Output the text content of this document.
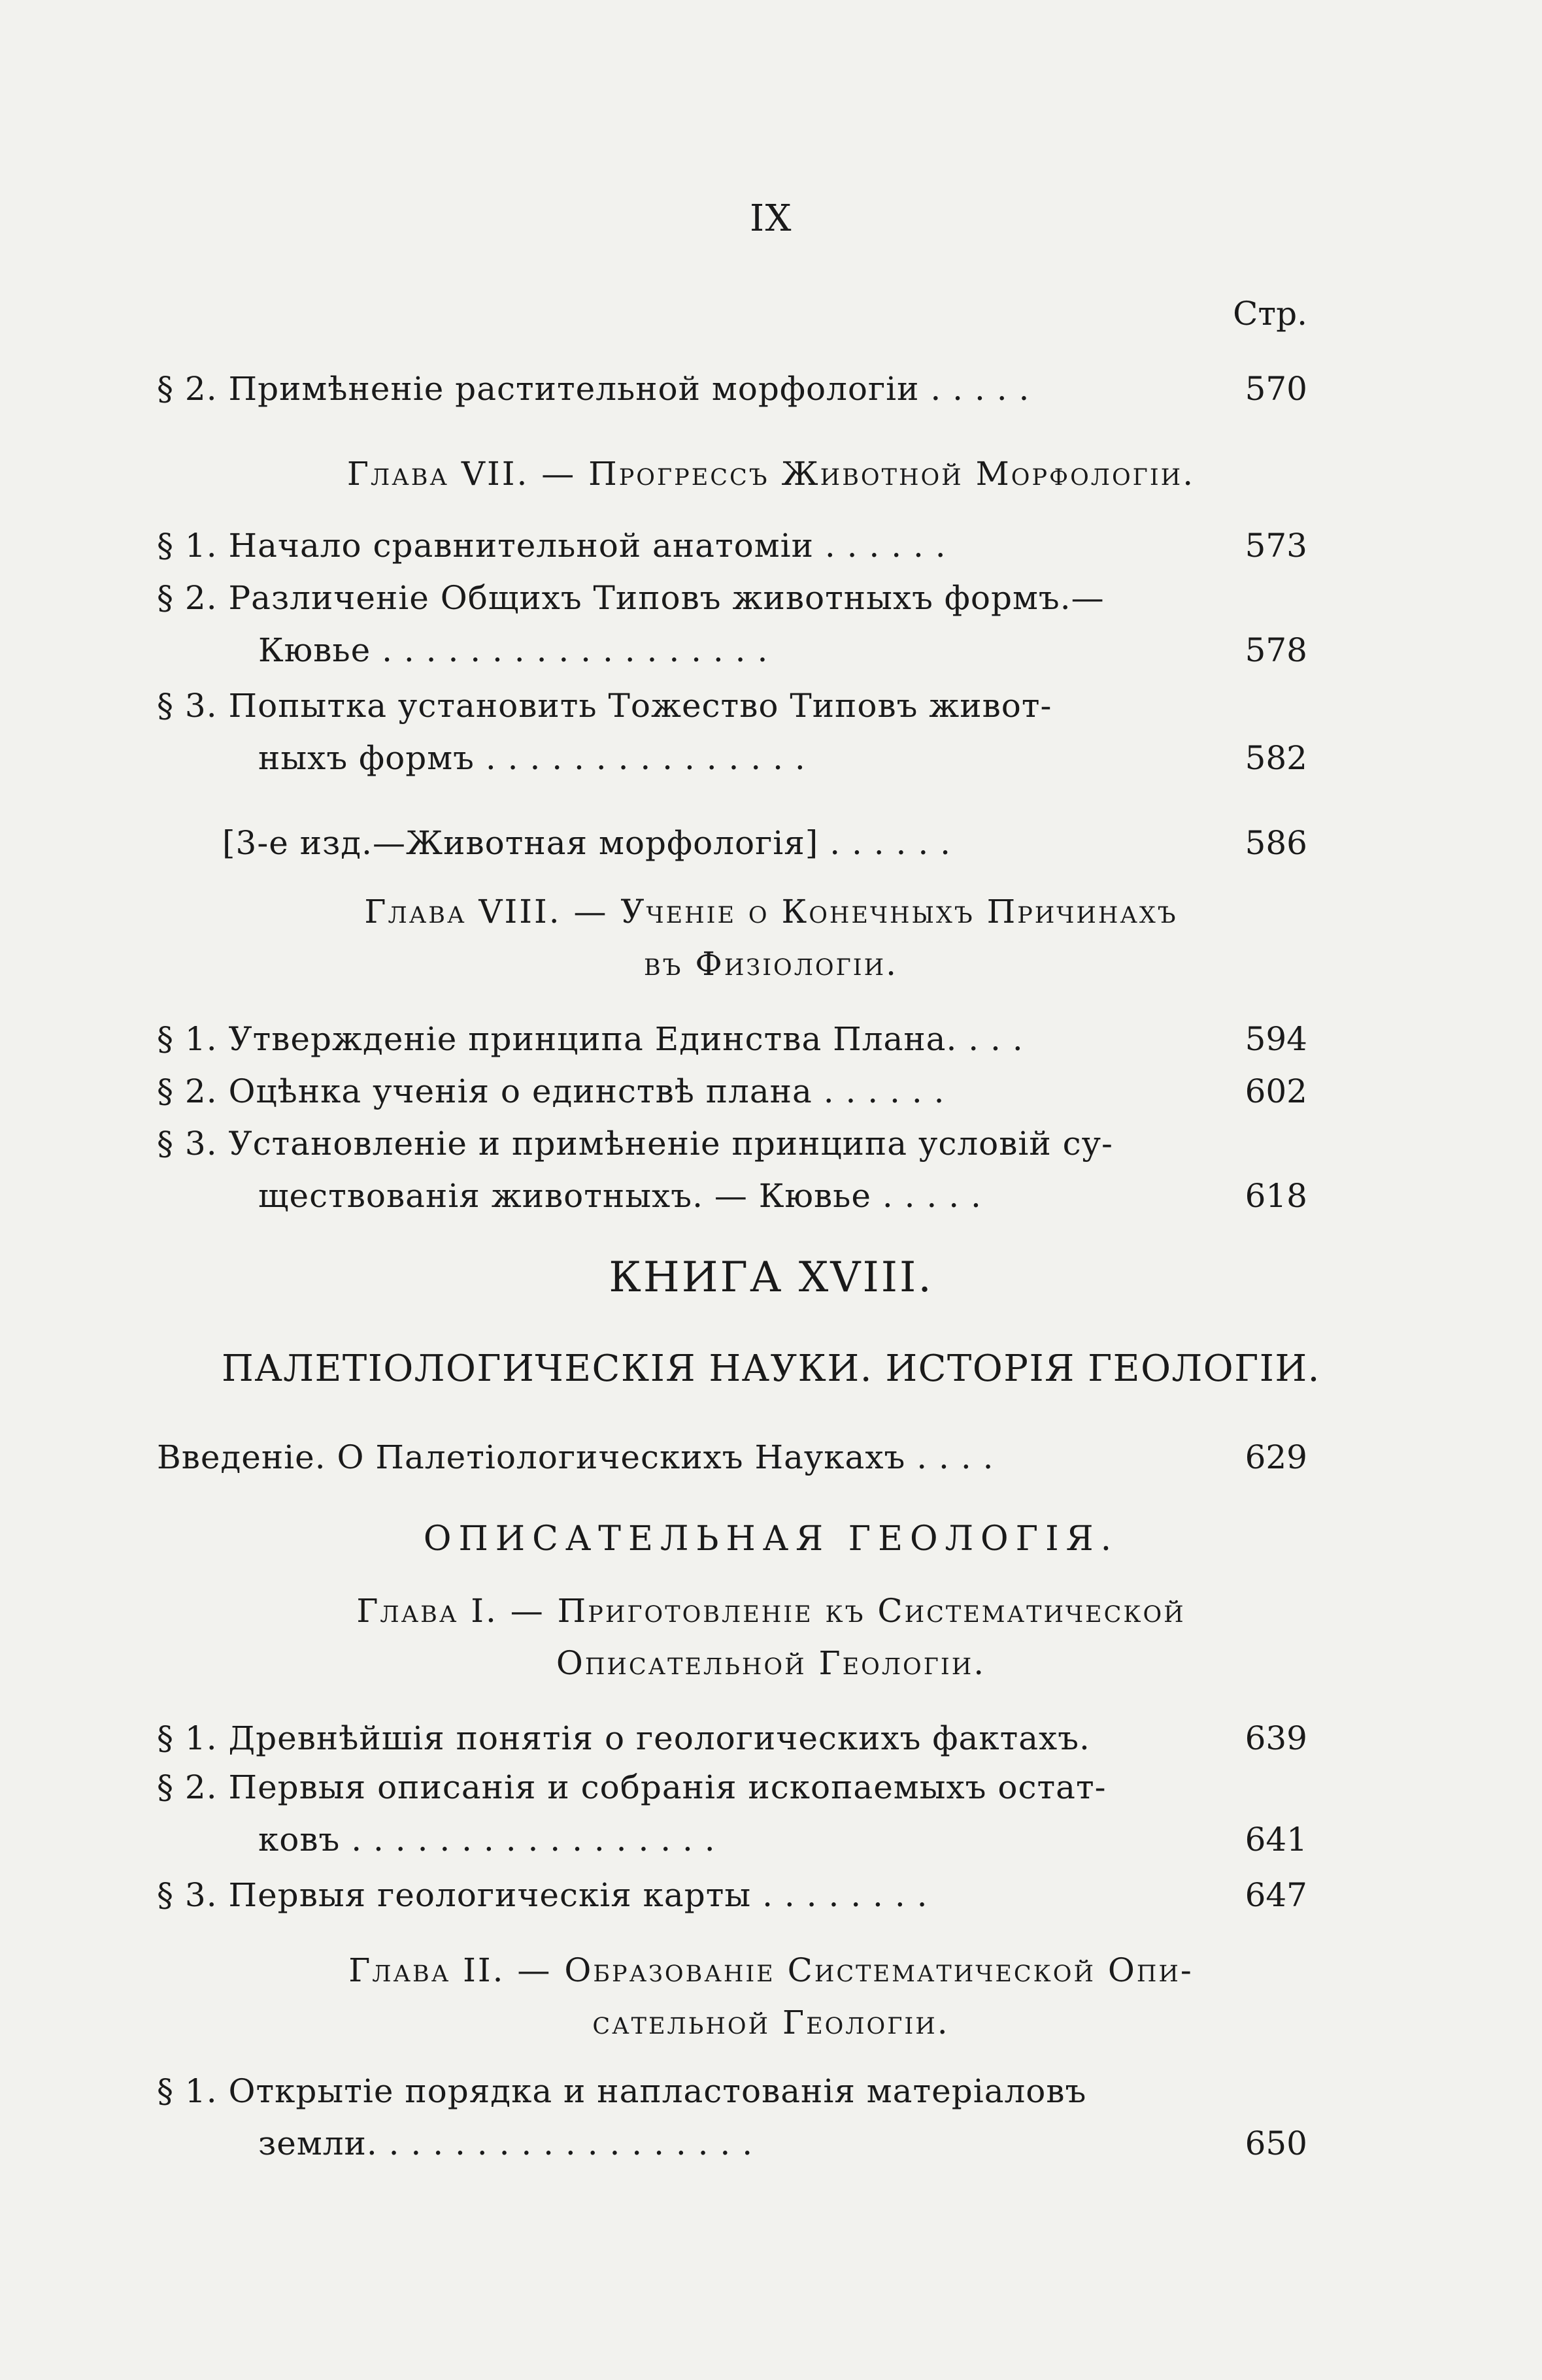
IX
Стр.
§ 2. Примѣненіе растительной морфологіи . . . . .	570
Глава VII. — Прогрессъ Животной Морфологіи.
§ 1. Начало сравнительной анатоміи . . . . . .	573
§ 2. Различеніе Общихъ Типовъ животныхъ формъ.—
Кювье . . . . . . . . . . . . . . . . . .	578
§ 3. Попытка установить Тожество Типовъ живот-
ныхъ формъ . . . . . . . . . . . . . . .	582
[3-е изд.—Животная морфологія] . . . . . .	586
Глава VIII. — Ученіе о Конечныхъ Причинахъ
въ Физіологіи.
§ 1. Утвержденіе принципа Единства Плана. . . .	594
§ 2. Оцѣнка ученія о единствѣ плана . . . . . .	602
§ 3. Установленіе и примѣненіе принципа условій су-
ществованія животныхъ. — Кювье . . . . .	618
КНИГА XVIII.
ПАЛЕТІОЛОГИЧЕСКІЯ НАУКИ. ИСТОРІЯ ГЕОЛОГІИ.
Введеніе. О Палетіологическихъ Наукахъ . . . .	629
ОПИСАТЕЛЬНАЯ ГЕОЛОГІЯ.
Глава I. — Приготовленіе къ Систематической
Описательной Геологіи.
§ 1. Древнѣйшія понятія о геологическихъ фактахъ.	639
§ 2. Первыя описанія и собранія ископаемыхъ остат-
ковъ . . . . . . . . . . . . . . . . .	641
§ 3. Первыя геологическія карты . . . . . . . .	647
Глава II. — Образованіе Систематической Опи-
сательной Геологіи.
§ 1. Открытіе порядка и напластованія матеріаловъ
земли. . . . . . . . . . . . . . . . . .	650
